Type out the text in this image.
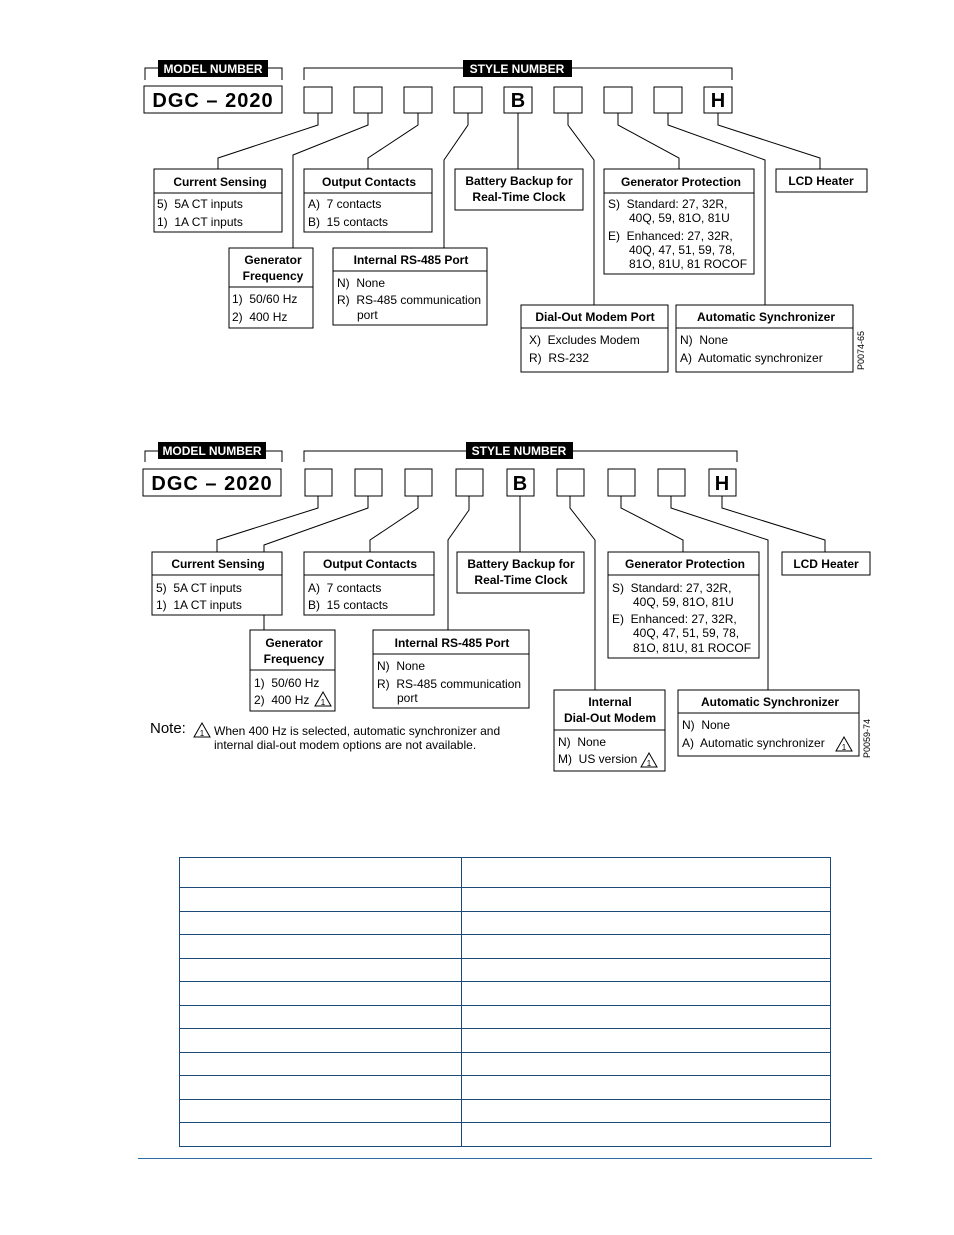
MODEL NUMBER	STYLE NUMBER
DGC – 2020	B	H
Current Sensing
5)  5A CT inputs
1)  1A CT inputs
Output Contacts
A)  7 contacts
B)  15 contacts
Battery Backup for
Real-Time Clock
Generator Protection
S)  Standard: 27, 32R,
40Q, 59, 81O, 81U
E)  Enhanced: 27, 32R,
40Q, 47, 51, 59, 78,
81O, 81U, 81 ROCOF
LCD Heater
Generator
Frequency
1)  50/60 Hz
2)  400 Hz
Internal RS-485 Port
N)  None
R)  RS-485 communication
port	Dial-Out Modem Port
X)  Excludes Modem
R)  RS-232
Automatic Synchronizer
N)  None
A)  Automatic synchronizer	P0074-65
MODEL NUMBER	STYLE NUMBER
DGC – 2020	B	H
Current Sensing
5)  5A CT inputs
1)  1A CT inputs
Output Contacts
A)  7 contacts
B)  15 contacts
Battery Backup for
Real-Time Clock
Generator Protection
S)  Standard: 27, 32R,
40Q, 59, 81O, 81U
E)  Enhanced: 27, 32R,
40Q, 47, 51, 59, 78,
81O, 81U, 81 ROCOF
LCD Heater
Generator
Frequency
1)  50/60 Hz
2)  400 Hz 1
Internal RS-485 Port
N)  None
R)  RS-485 communication
port	Internal
Dial-Out Modem
N)  None
M)  US version 1
Automatic Synchronizer
N)  None
A)  Automatic synchronizer 1
Note: 1 When 400 Hz is selected, automatic synchronizer and
internal dial-out modem options are not available.	P0059-74
